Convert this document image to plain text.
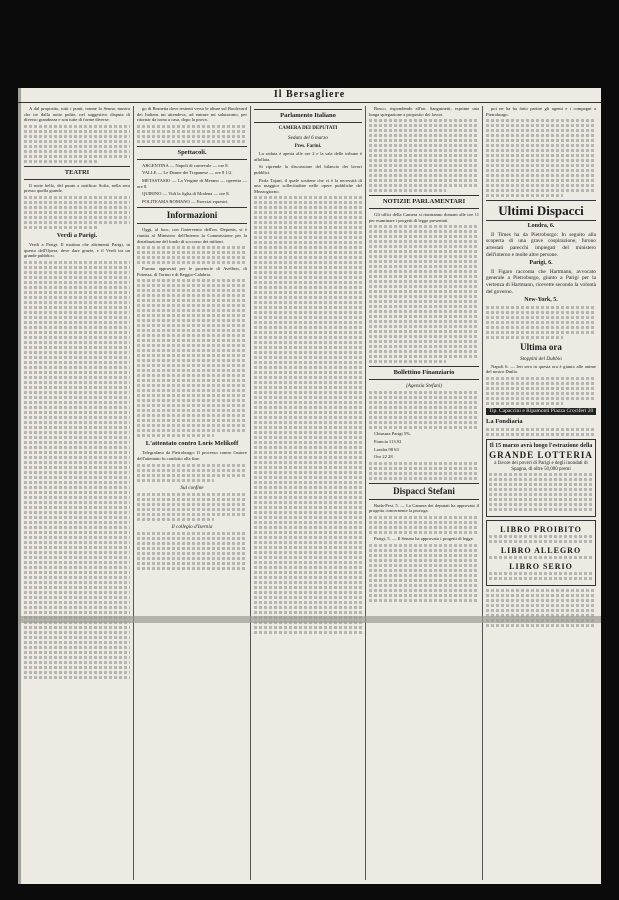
Il Bersagliere

A dal proposito, tutti i punti, tranne la Senna, mostra che tre dalla notte pulite, nel suggestivo disputa di diverso grandezza e son tutte di forme diverse.

TEATRI

Il notte bello, del punto a notificar Sofia, nella sera presso quella grande.

Verdi a Parigi.

Verdi a Parigi. Il mattina che altrimenti Parigi, in questo dell'Opera, deve dare grazie, e il Verdi tra un grande pubblico.

go di Brunetta dove restenti verso le alture sul Boulevard dei Italiens mi attendeva, ad entrare mi salutavano, per ritornar da torna a casa, dopo la prova.

Spettacoli.

ARGENTINA — Napoli di carnevale — ore 8.

VALLE — Le Donne dei Trapanese — ore 8 1/2.

METASTASIO — La Vergine di Merano — operetta — ore 8.

QUIRINO — Vidi la figlia di Modena — ore 8.

POLITEAMA ROMANO — Esercizi equestri.

Informazioni

Oggi, al loco, con l'intervento dell'on. Depretis, si è riunita al Ministero dell'Interno la Commissione per la distribuzione del fondo di soccorso dei milioni.

Furono approvati per le provincie di Avellino, di Potenza, di Torino e di Reggio-Calabria.

L'attentato contro Loris Melikoff

Telegrafano da Pietroburgo: Il processo contro l'autore dell'attentato fu condotto alla fine.

Sul confine
Il collegio d'Isernia
Parlamento Italiano
CAMERA DEI DEPUTATI
Seduta del 6 marzo
Pres. Farini.

La seduta è aperta alle ore 2 e la sala delle tribune è affollata.

Si riprende la discussione del bilancio dei lavori pubblici.

Parla Tajani, il quale sostiene che vi è la necessità di una maggior sollecitudine nelle opere pubbliche del Mezzogiorno.

Bosco, rispondendo all'on. Sanguinetti, esprime una lunga spiegazione a proposito dei lavori.

NOTIZIE PARLAMENTARI

Gli uffici della Camera si riuniranno domani alle ore 11 per esaminare i progetti di legge presentati.

Bollettino Finanziario
(Agenzia Stefani)

Chiusura Parigi 5%.

Francia 113,92

Londra 98 63

Oro 22 28

Dispacci Stefani

Buda-Pest, 5. — La Camera dei deputati ha approvato il progetto concernente la proroga.

Parigi, 5. — Il Senato ha approvato i progetti di legge.

poi ne ha ha fatto partire gli agenti e i compagni a Pietroburgo.

Ultimi Dispacci
Londra, 6.

Il Times ha da Pietroburgo: In seguito alla scoperta di una grave cospirazione, furono arrestati parecchi impiegati del ministero dell'interno e molte altre persone.

Parigi, 6.

Il Figaro racconta che Hartmann, avvocato generale a Pietroburgo, giunto a Parigi per la vertenza di Hartmann, ricevette secondo la volontà del governo.

New-York, 5.
Ultima ora
Stoppini del Dubbio

Napoli 6. — Ieri sera in questa ora è giunto alle anime del nostro Duilio.

Tip. Capaccini e Ripamonti Piazza Crociferi 20
La Fondiaria
Il 15 marzo avrà luogo l'estrazione della
GRANDE LOTTERIA
a favore dei poveri di Parigi e degli inondati di Spagna, di oltre 50,000 premi
LIBRO PROIBITO
LIBRO ALLEGRO
LIBRO SERIO
